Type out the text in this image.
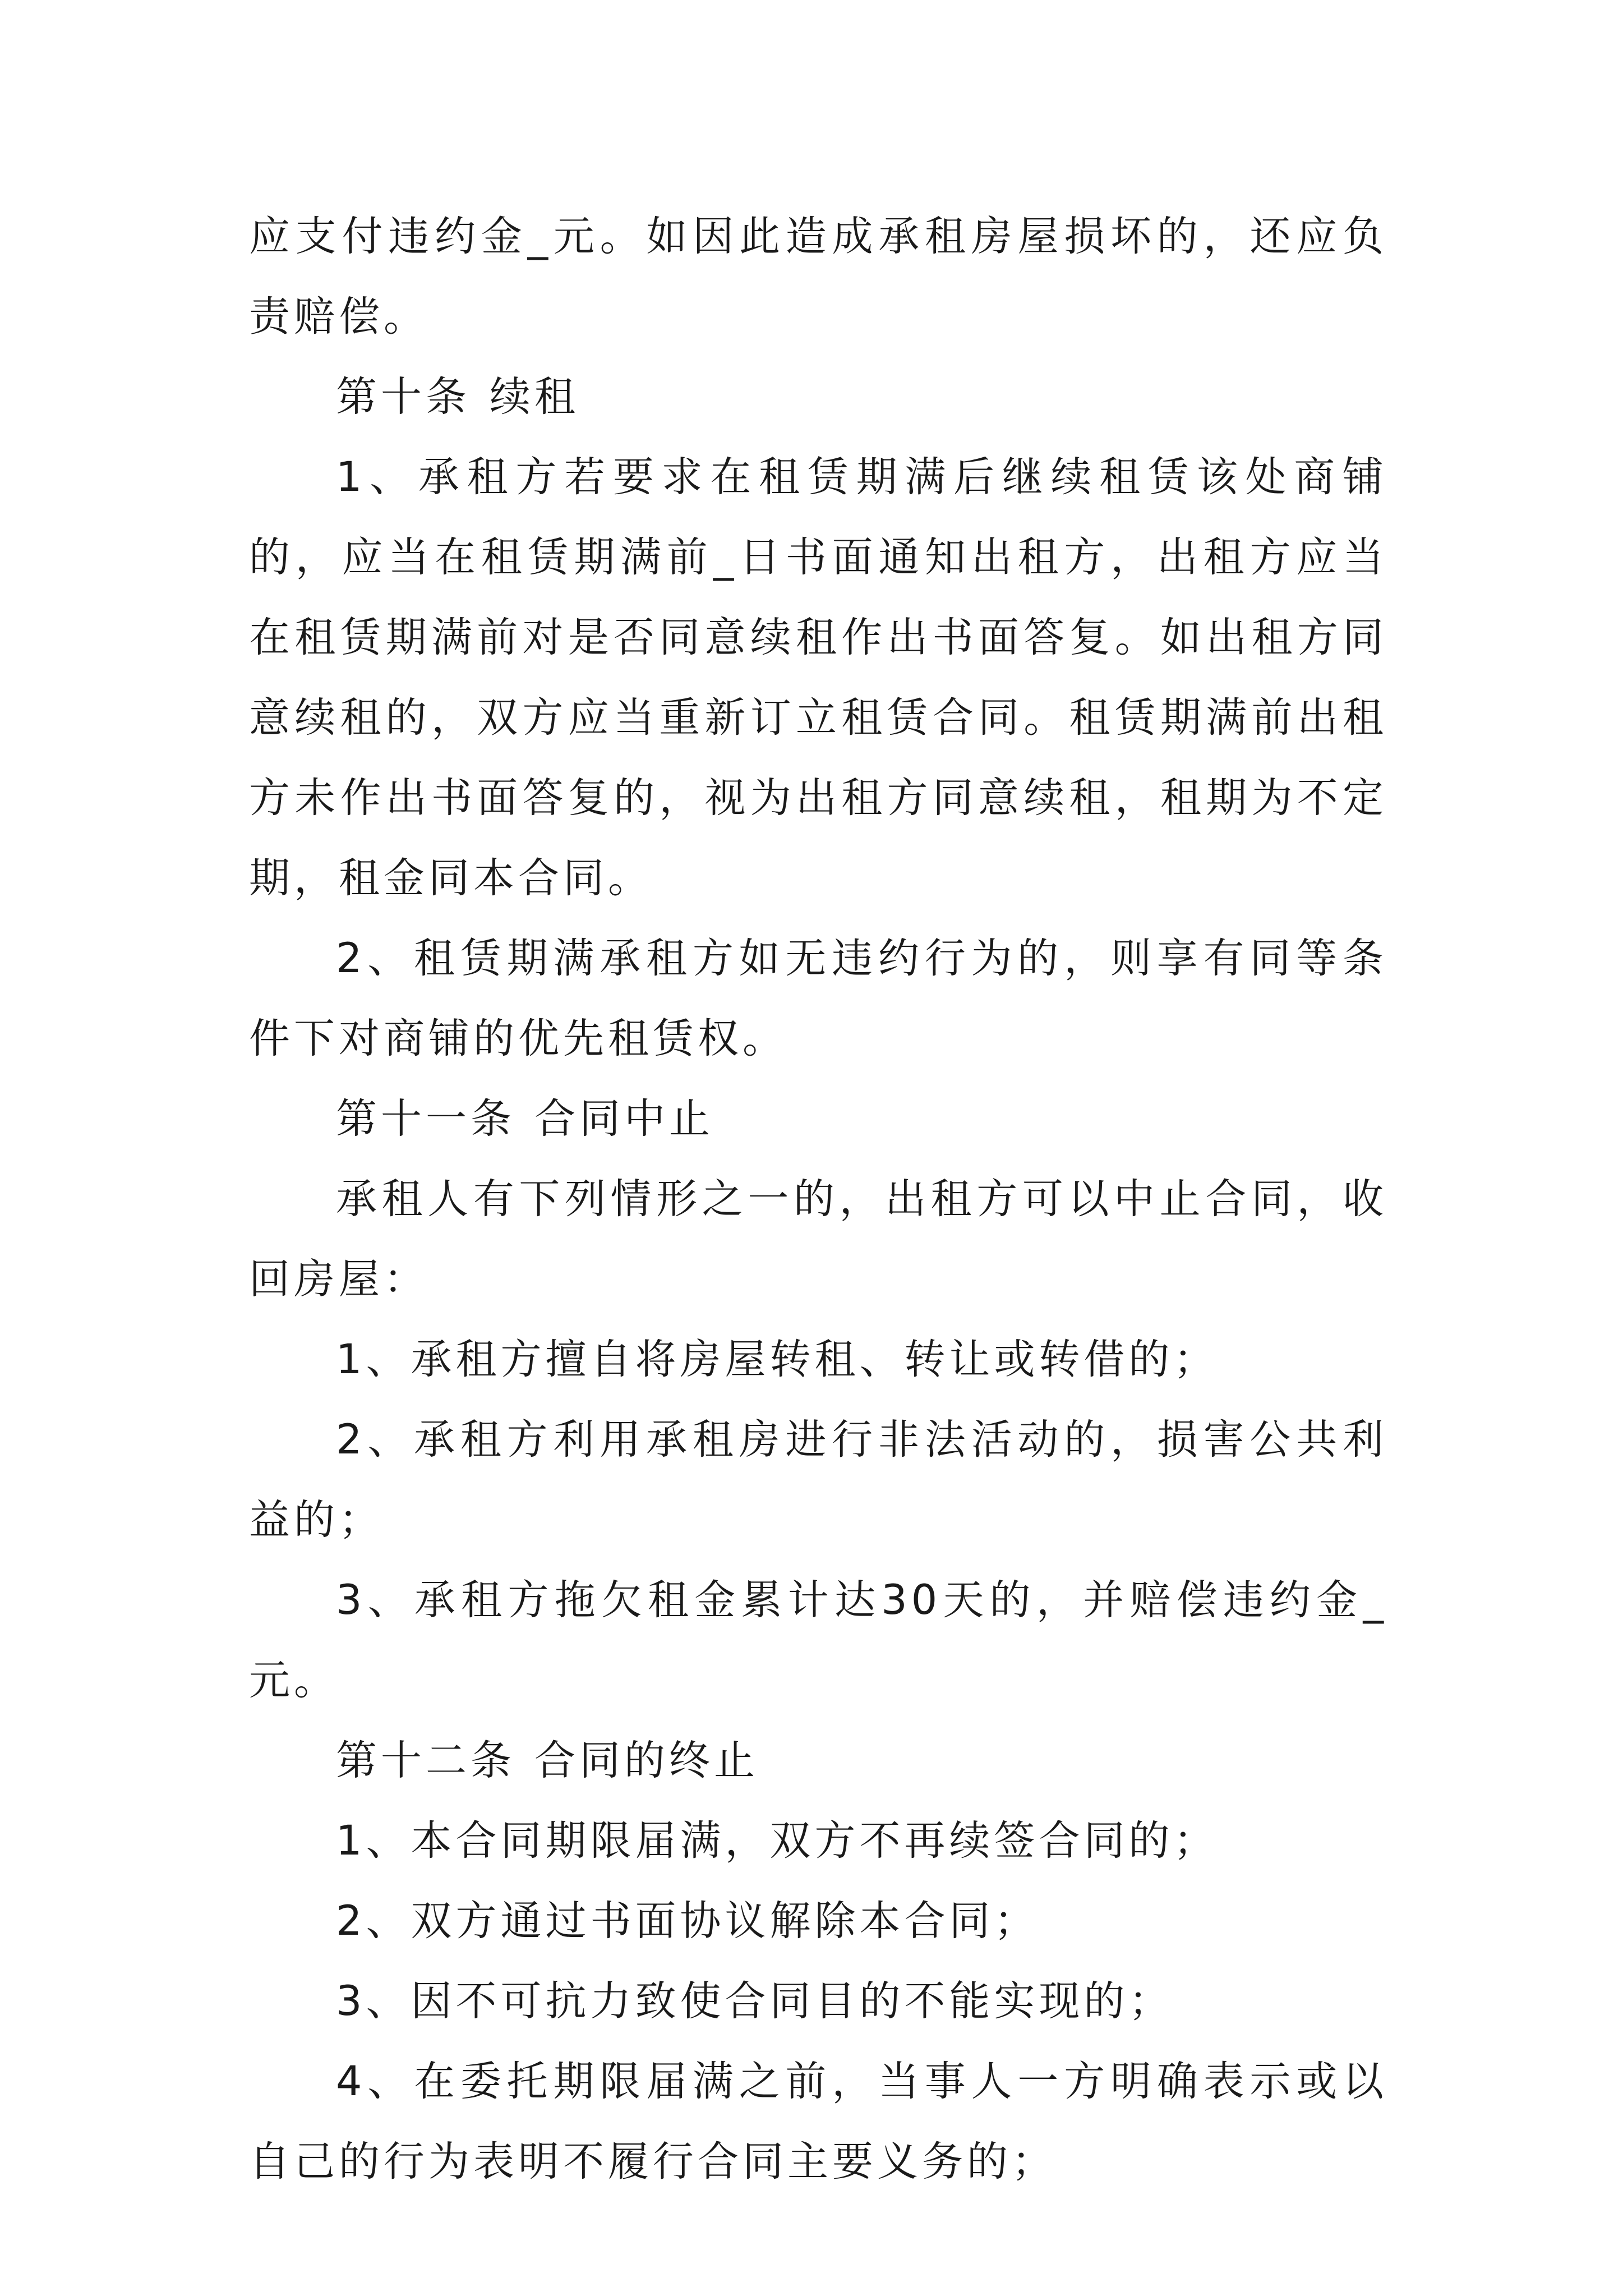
应支付违约金_元。如因此造成承租房屋损坏的，还应负责赔偿。

第十条 续租

1、承租方若要求在租赁期满后继续租赁该处商铺的，应当在租赁期满前_日书面通知出租方，出租方应当在租赁期满前对是否同意续租作出书面答复。如出租方同意续租的，双方应当重新订立租赁合同。租赁期满前出租方未作出书面答复的，视为出租方同意续租，租期为不定期，租金同本合同。

2、租赁期满承租方如无违约行为的，则享有同等条件下对商铺的优先租赁权。

第十一条 合同中止

承租人有下列情形之一的，出租方可以中止合同，收回房屋：

1、承租方擅自将房屋转租、转让或转借的；

2、承租方利用承租房进行非法活动的，损害公共利益的；

3、承租方拖欠租金累计达30天的，并赔偿违约金_元。

第十二条 合同的终止

1、本合同期限届满，双方不再续签合同的；

2、双方通过书面协议解除本合同；

3、因不可抗力致使合同目的不能实现的；

4、在委托期限届满之前，当事人一方明确表示或以自己的行为表明不履行合同主要义务的；
